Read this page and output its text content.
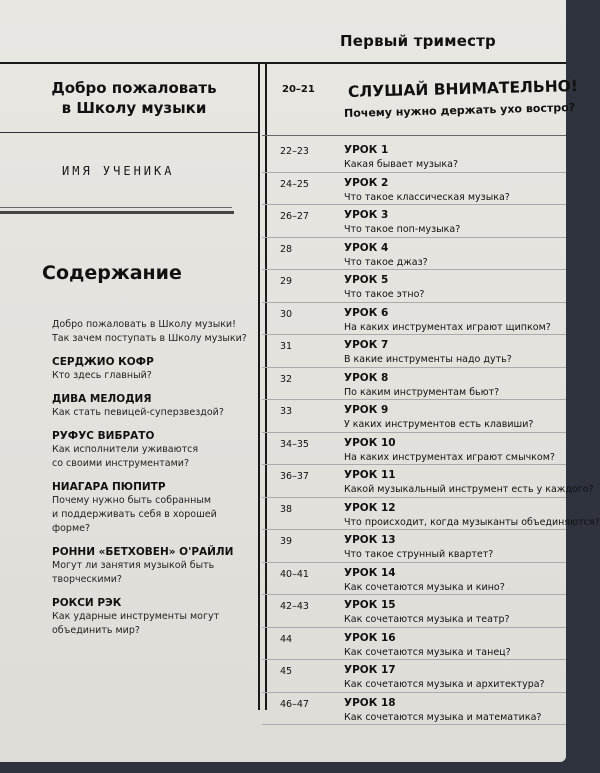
Первый триместр
Добро пожаловать
в Школу музыки
ИМЯ УЧЕНИКА
Содержание
Добро пожаловать в Школу музыки!
Так зачем поступать в Школу музыки?
СЕРДЖИО КОФР
Кто здесь главный?
ДИВА МЕЛОДИЯ
Как стать певицей-суперзвездой?
РУФУС ВИБРАТО
Как исполнители уживаются
со своими инструментами?
НИАГАРА ПЮПИТР
Почему нужно быть собранным
и поддерживать себя в хорошей форме?
РОННИ «БЕТХОВЕН» О'РАЙЛИ
Могут ли занятия музыкой быть
творческими?
РОКСИ РЭК
Как ударные инструменты могут
объединить мир?
20–21 СЛУШАЙ ВНИМАТЕЛЬНО!
Почему нужно держать ухо востро?
22–23	УРОК 1
Какая бывает музыка?
24–25	УРОК 2
Что такое классическая музыка?
26–27	УРОК 3
Что такое поп-музыка?
28	УРОК 4
Что такое джаз?
29	УРОК 5
Что такое этно?
30	УРОК 6
На каких инструментах играют щипком?
31	УРОК 7
В какие инструменты надо дуть?
32	УРОК 8
По каким инструментам бьют?
33	УРОК 9
У каких инструментов есть клавиши?
34–35	УРОК 10
На каких инструментах играют смычком?
36–37	УРОК 11
Какой музыкальный инструмент есть у каждого?
38	УРОК 12
Что происходит, когда музыканты объединяются?
39	УРОК 13
Что такое струнный квартет?
40–41	УРОК 14
Как сочетаются музыка и кино?
42–43	УРОК 15
Как сочетаются музыка и театр?
44	УРОК 16
Как сочетаются музыка и танец?
45	УРОК 17
Как сочетаются музыка и архитектура?
46–47	УРОК 18
Как сочетаются музыка и математика?
